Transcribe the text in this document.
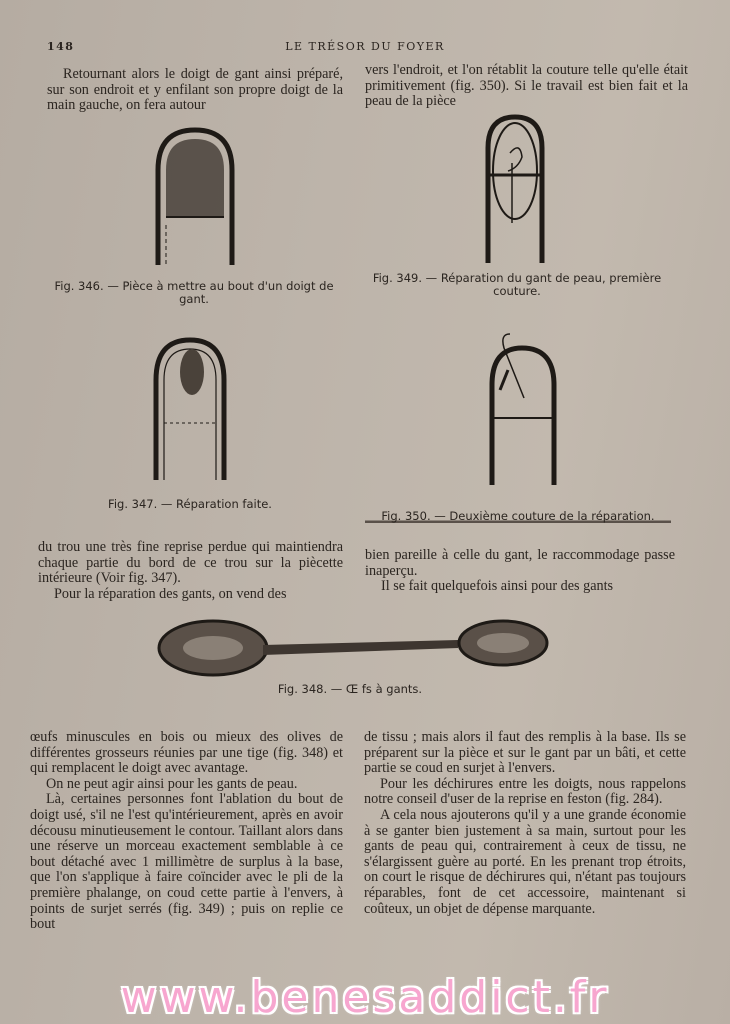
148	LE TRÉSOR DU FOYER

Retournant alors le doigt de gant ainsi préparé, sur son endroit et y enfilant son propre doigt de la main gauche, on fera autour

vers l'endroit, et l'on rétablit la couture telle qu'elle était primitivement (fig. 350). Si le travail est bien fait et la peau de la pièce

Fig. 346. — Pièce à mettre au bout d'un doigt de gant.
Fig. 349. — Réparation du gant de peau, première couture.
Fig. 347. — Réparation faite.
Fig. 350. — Deuxième couture de la réparation.

du trou une très fine reprise perdue qui maintiendra chaque partie du bord de ce trou sur la piècette intérieure (Voir fig. 347).

Pour la réparation des gants, on vend des

bien pareille à celle du gant, le raccommodage passe inaperçu.

Il se fait quelquefois ainsi pour des gants

Fig. 348. — Œ fs à gants.

œufs minuscules en bois ou mieux des olives de différentes grosseurs réunies par une tige (fig. 348) et qui remplacent le doigt avec avantage.

On ne peut agir ainsi pour les gants de peau.

Là, certaines personnes font l'ablation du bout de doigt usé, s'il ne l'est qu'intérieurement, après en avoir décousu minutieusement le contour. Taillant alors dans une réserve un morceau exactement semblable à ce bout détaché avec 1 millimètre de surplus à la base, que l'on s'applique à faire coïncider avec le pli de la première phalange, on coud cette partie à l'envers, à points de surjet serrés (fig. 349) ; puis on replie ce bout

de tissu ; mais alors il faut des remplis à la base. Ils se préparent sur la pièce et sur le gant par un bâti, et cette partie se coud en surjet à l'envers.

Pour les déchirures entre les doigts, nous rappelons notre conseil d'user de la reprise en feston (fig. 284).

A cela nous ajouterons qu'il y a une grande économie à se ganter bien justement à sa main, surtout pour les gants de peau qui, contrairement à ceux de tissu, ne s'élargissent guère au porté. En les prenant trop étroits, on court le risque de déchirures qui, n'étant pas toujours réparables, font de cet accessoire, maintenant si coûteux, un objet de dépense marquante.

www.benesaddict.fr
